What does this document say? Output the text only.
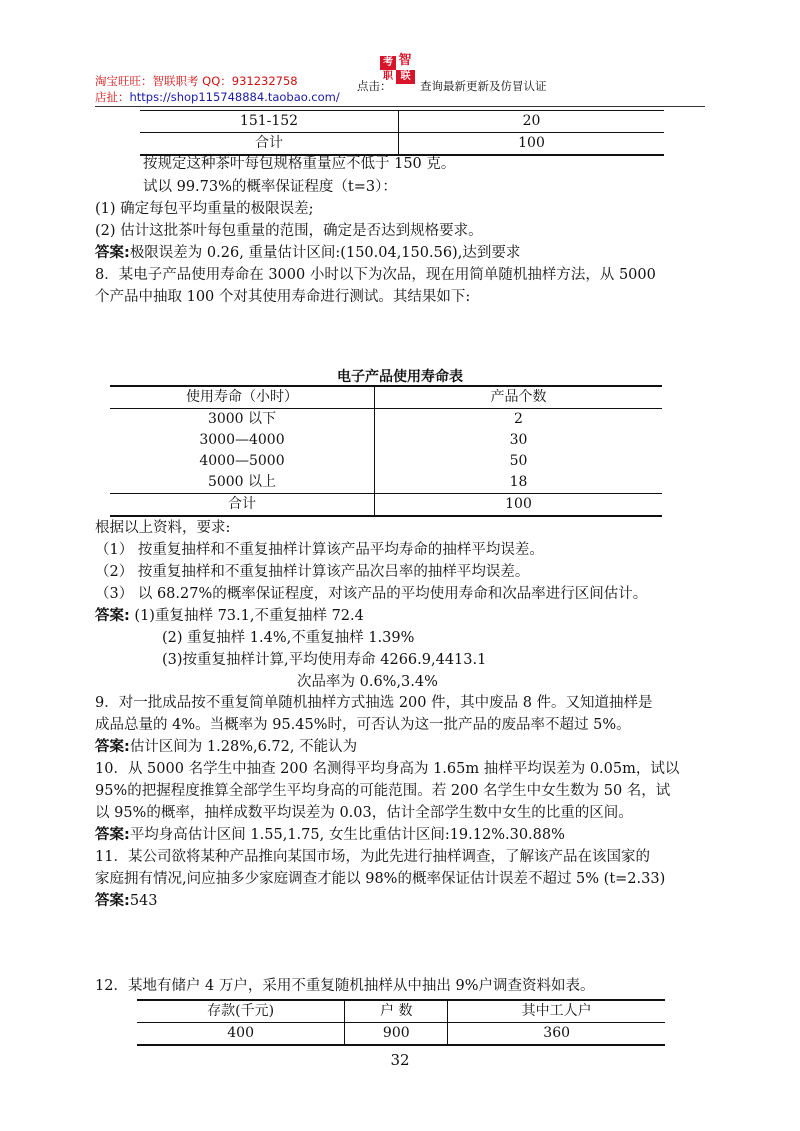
淘宝旺旺：智联职考 QQ：931232758
店扯：https://shop115748884.taobao.com/
点击：
考 智
职 联
查询最新更新及仿冒认证
151-152	20
合计	100
按规定这种茶叶每包规格重量应不低于 150 克。
试以 99.73%的概率保证程度（t=3）：
(1) 确定每包平均重量的极限误差;
(2) 估计这批茶叶每包重量的范围，确定是否达到规格要求。
答案:极限误差为 0.26, 重量估计区间:(150.04,150.56),达到要求
8．某电子产品使用寿命在 3000 小时以下为次品，现在用简单随机抽样方法，从 5000
个产品中抽取 100 个对其使用寿命进行测试。其结果如下:
电子产品使用寿命表
使用寿命（小时）	产品个数
3000 以下	2
3000—4000	30
4000—5000	50
5000 以上	18
合计	100
根据以上资料，要求:
（1） 按重复抽样和不重复抽样计算该产品平均寿命的抽样平均误差。
（2） 按重复抽样和不重复抽样计算该产品次吕率的抽样平均误差。
（3） 以 68.27%的概率保证程度，对该产品的平均使用寿命和次品率进行区间估计。
答案: (1)重复抽样 73.1,不重复抽样 72.4
(2) 重复抽样 1.4%,不重复抽样 1.39%
(3)按重复抽样计算,平均使用寿命 4266.9,4413.1
次品率为 0.6%,3.4%
9．对一批成品按不重复简单随机抽样方式抽选 200 件，其中废品 8 件。又知道抽样是
成品总量的 4%。当概率为 95.45%时，可否认为这一批产品的废品率不超过 5%。
答案:估计区间为 1.28%,6.72, 不能认为
10．从 5000 名学生中抽查 200 名测得平均身高为 1.65m 抽样平均误差为 0.05m，试以
95%的把握程度推算全部学生平均身高的可能范围。若 200 名学生中女生数为 50 名，试
以 95%的概率，抽样成数平均误差为 0.03，估计全部学生数中女生的比重的区间。
答案:平均身高估计区间 1.55,1.75, 女生比重估计区间:19.12%.30.88%
11．某公司欲将某种产品推向某国市场，为此先进行抽样调查，了解该产品在该国家的
家庭拥有情况,问应抽多少家庭调查才能以 98%的概率保证估计误差不超过 5% (t=2.33)
答案:543
12．某地有储户 4 万户，采用不重复随机抽样从中抽出 9%户调查资料如表。
存款(千元)	户 数	其中工人户
400	900	360
32
